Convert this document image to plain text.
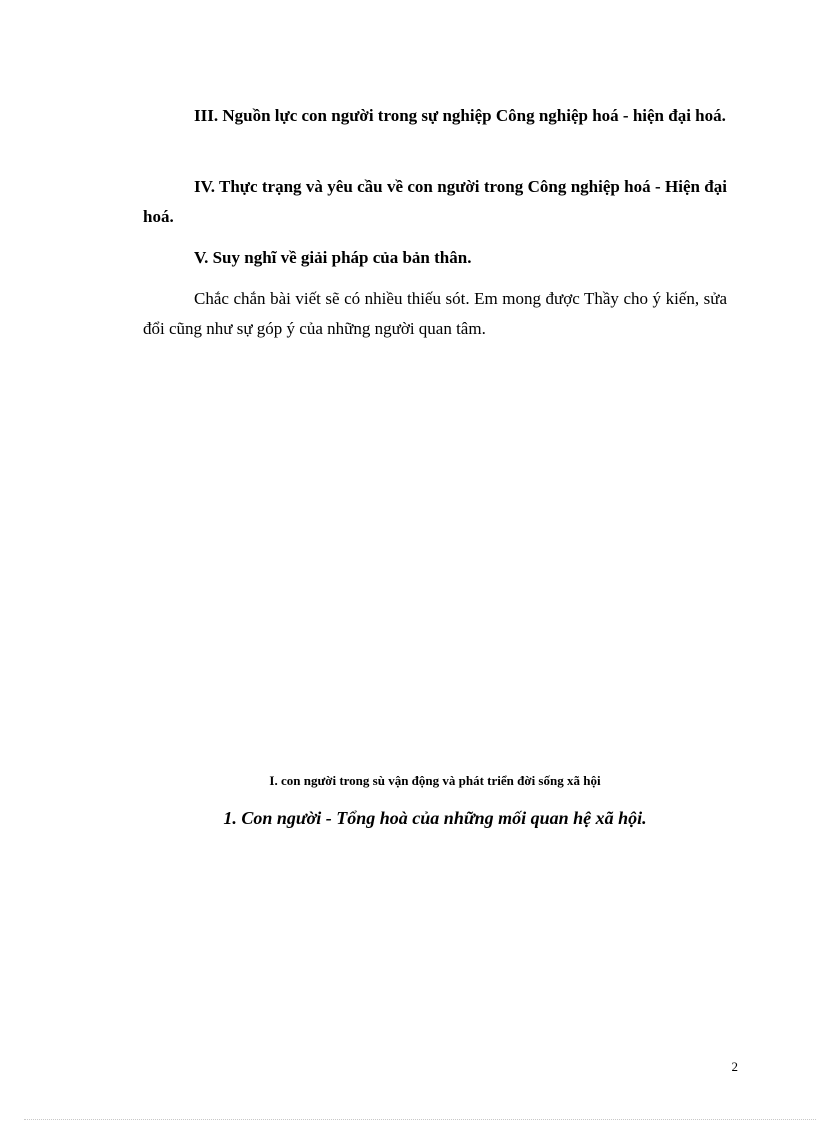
III. Nguồn lực con người trong sự nghiệp Công nghiệp hoá - hiện đại hoá.

IV. Thực trạng và yêu cầu về con người trong Công nghiệp hoá - Hiện đại hoá.

V. Suy nghĩ về giải pháp của bản thân.

Chắc chắn bài viết sẽ có nhiều thiếu sót. Em mong được Thầy cho ý kiến, sửa đổi cũng như sự góp ý của những người quan tâm.

I. con người trong sù vận động và phát triển đời sống xã hội
1. Con người - Tổng hoà của những mối quan hệ xã hội.
2
